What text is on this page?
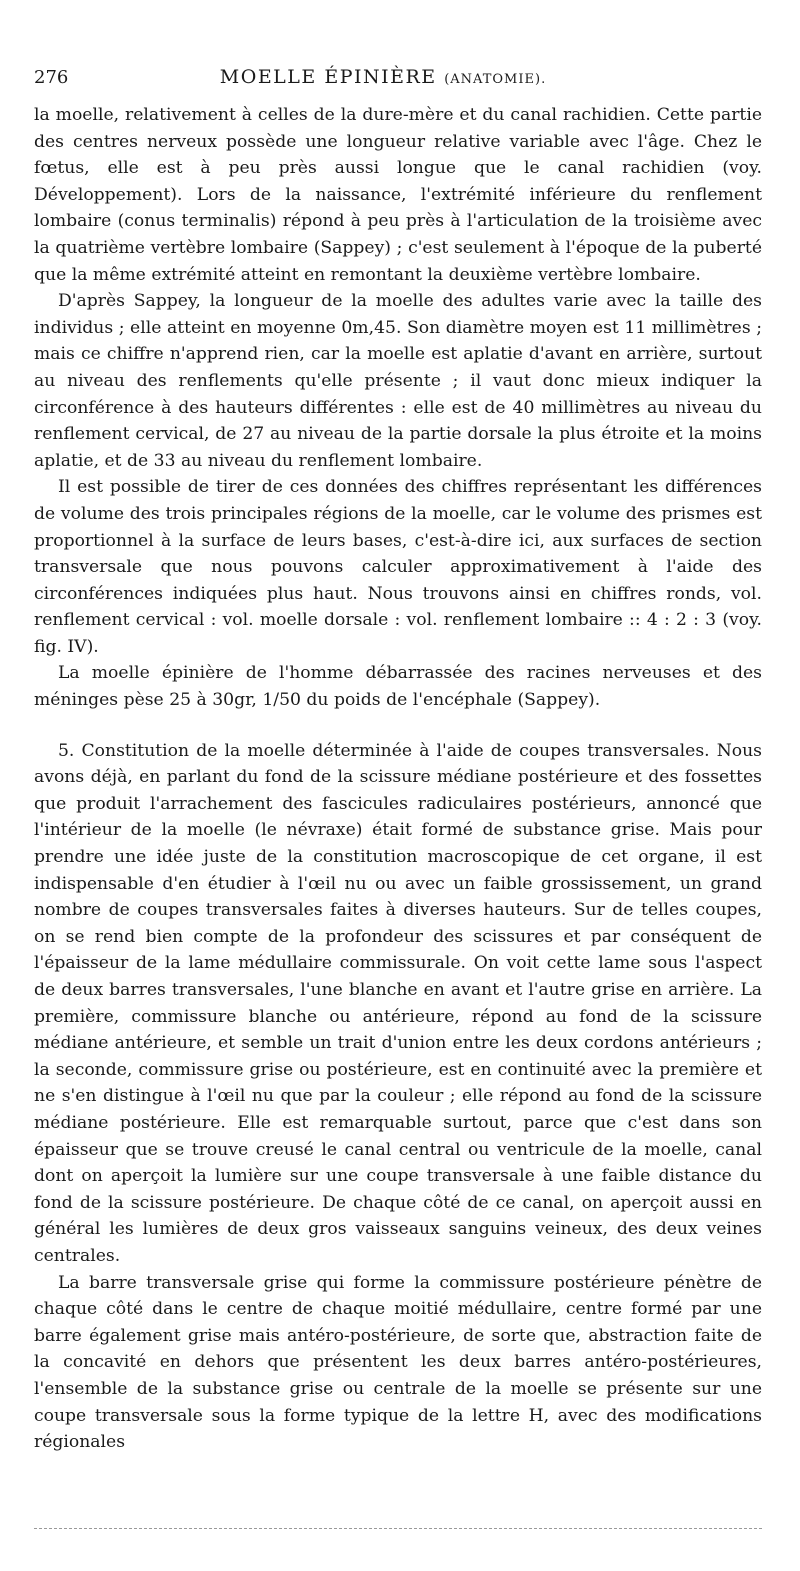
276	MOELLE ÉPINIÈRE (ANATOMIE).

la moelle, relativement à celles de la dure-mère et du canal rachidien. Cette partie des centres nerveux possède une longueur relative variable avec l'âge. Chez le fœtus, elle est à peu près aussi longue que le canal rachidien (voy. Développement). Lors de la naissance, l'extrémité inférieure du renflement lombaire (conus terminalis) répond à peu près à l'articulation de la troisième avec la quatrième vertèbre lombaire (Sappey) ; c'est seulement à l'époque de la puberté que la même extrémité atteint en remontant la deuxième vertèbre lombaire.

D'après Sappey, la longueur de la moelle des adultes varie avec la taille des individus ; elle atteint en moyenne 0m,45. Son diamètre moyen est 11 millimètres ; mais ce chiffre n'apprend rien, car la moelle est aplatie d'avant en arrière, surtout au niveau des renflements qu'elle présente ; il vaut donc mieux indiquer la circonférence à des hauteurs différentes : elle est de 40 millimètres au niveau du renflement cervical, de 27 au niveau de la partie dorsale la plus étroite et la moins aplatie, et de 33 au niveau du renflement lombaire.

Il est possible de tirer de ces données des chiffres représentant les différences de volume des trois principales régions de la moelle, car le volume des prismes est proportionnel à la surface de leurs bases, c'est-à-dire ici, aux surfaces de section transversale que nous pouvons calculer approximativement à l'aide des circonférences indiquées plus haut. Nous trouvons ainsi en chiffres ronds, vol. renflement cervical : vol. moelle dorsale : vol. renflement lombaire :: 4 : 2 : 3 (voy. fig. IV).

La moelle épinière de l'homme débarrassée des racines nerveuses et des méninges pèse 25 à 30gr, 1/50 du poids de l'encéphale (Sappey).

5. Constitution de la moelle déterminée à l'aide de coupes transversales. Nous avons déjà, en parlant du fond de la scissure médiane postérieure et des fossettes que produit l'arrachement des fascicules radiculaires postérieurs, annoncé que l'intérieur de la moelle (le névraxe) était formé de substance grise. Mais pour prendre une idée juste de la constitution macroscopique de cet organe, il est indispensable d'en étudier à l'œil nu ou avec un faible grossissement, un grand nombre de coupes transversales faites à diverses hauteurs. Sur de telles coupes, on se rend bien compte de la profondeur des scissures et par conséquent de l'épaisseur de la lame médullaire commissurale. On voit cette lame sous l'aspect de deux barres transversales, l'une blanche en avant et l'autre grise en arrière. La première, commissure blanche ou antérieure, répond au fond de la scissure médiane antérieure, et semble un trait d'union entre les deux cordons antérieurs ; la seconde, commissure grise ou postérieure, est en continuité avec la première et ne s'en distingue à l'œil nu que par la couleur ; elle répond au fond de la scissure médiane postérieure. Elle est remarquable surtout, parce que c'est dans son épaisseur que se trouve creusé le canal central ou ventricule de la moelle, canal dont on aperçoit la lumière sur une coupe transversale à une faible distance du fond de la scissure postérieure. De chaque côté de ce canal, on aperçoit aussi en général les lumières de deux gros vaisseaux sanguins veineux, des deux veines centrales.

La barre transversale grise qui forme la commissure postérieure pénètre de chaque côté dans le centre de chaque moitié médullaire, centre formé par une barre également grise mais antéro-postérieure, de sorte que, abstraction faite de la concavité en dehors que présentent les deux barres antéro-postérieures, l'ensemble de la substance grise ou centrale de la moelle se présente sur une coupe transversale sous la forme typique de la lettre H, avec des modifications régionales
